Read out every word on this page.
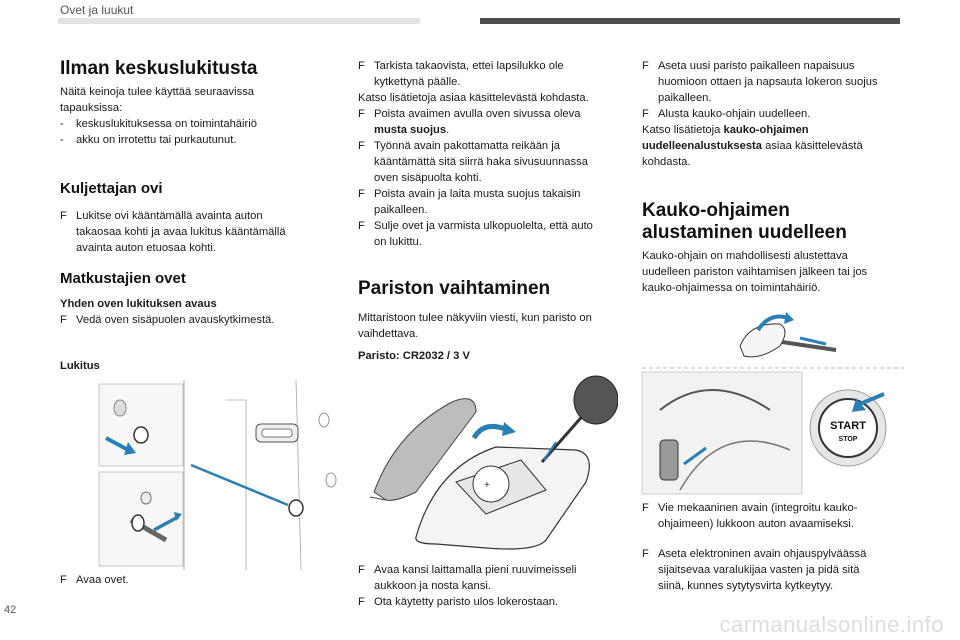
Ovet ja luukut
Ilman keskuslukitusta
Näitä keinoja tulee käyttää seuraavissa
tapauksissa:
- keskuslukituksessa on toimintahäiriö
- akku on irrotettu tai purkautunut.
Kuljettajan ovi
F Lukitse ovi kääntämällä avainta auton
takaosaa kohti ja avaa lukitus kääntämällä
avainta auton etuosaa kohti.
Matkustajien ovet
Yhden oven lukituksen avaus
F Vedä oven sisäpuolen avauskytkimestä.
Lukitus
F Avaa ovet.
F Tarkista takaovista, ettei lapsilukko ole
kytkettynä päälle.
Katso lisätietoja asiaa käsittelevästä kohdasta.
F Poista avaimen avulla oven sivussa oleva
musta suojus.
F Työnnä avain pakottamatta reikään ja
kääntämättä sitä siirrä haka sivusuunnassa
oven sisäpuolta kohti.
F Poista avain ja laita musta suojus takaisin
paikalleen.
F Sulje ovet ja varmista ulkopuolelta, että auto
on lukittu.
Pariston vaihtaminen
Mittaristoon tulee näkyviin viesti, kun paristo on
vaihdettava.
Paristo: CR2032 / 3 V
+
F Avaa kansi laittamalla pieni ruuvimeisseli
aukkoon ja nosta kansi.
F Ota käytetty paristo ulos lokerostaan.
F Aseta uusi paristo paikalleen napaisuus
huomioon ottaen ja napsauta lokeron suojus
paikalleen.
F Alusta kauko-ohjain uudelleen.
Katso lisätietoja kauko-ohjaimen
uudelleenalustuksesta asiaa käsittelevästä
kohdasta.
Kauko-ohjaimen
alustaminen uudelleen
Kauko-ohjain on mahdollisesti alustettava
uudelleen pariston vaihtamisen jälkeen tai jos
kauko-ohjaimessa on toimintahäiriö.
START
STOP
F Vie mekaaninen avain (integroitu kauko-
ohjaimeen) lukkoon auton avaamiseksi.
F Aseta elektroninen avain ohjauspylväässä
sijaitsevaa varalukijaa vasten ja pidä sitä
siinä, kunnes sytytysvirta kytkeytyy.
42
carmanualsonline.info
